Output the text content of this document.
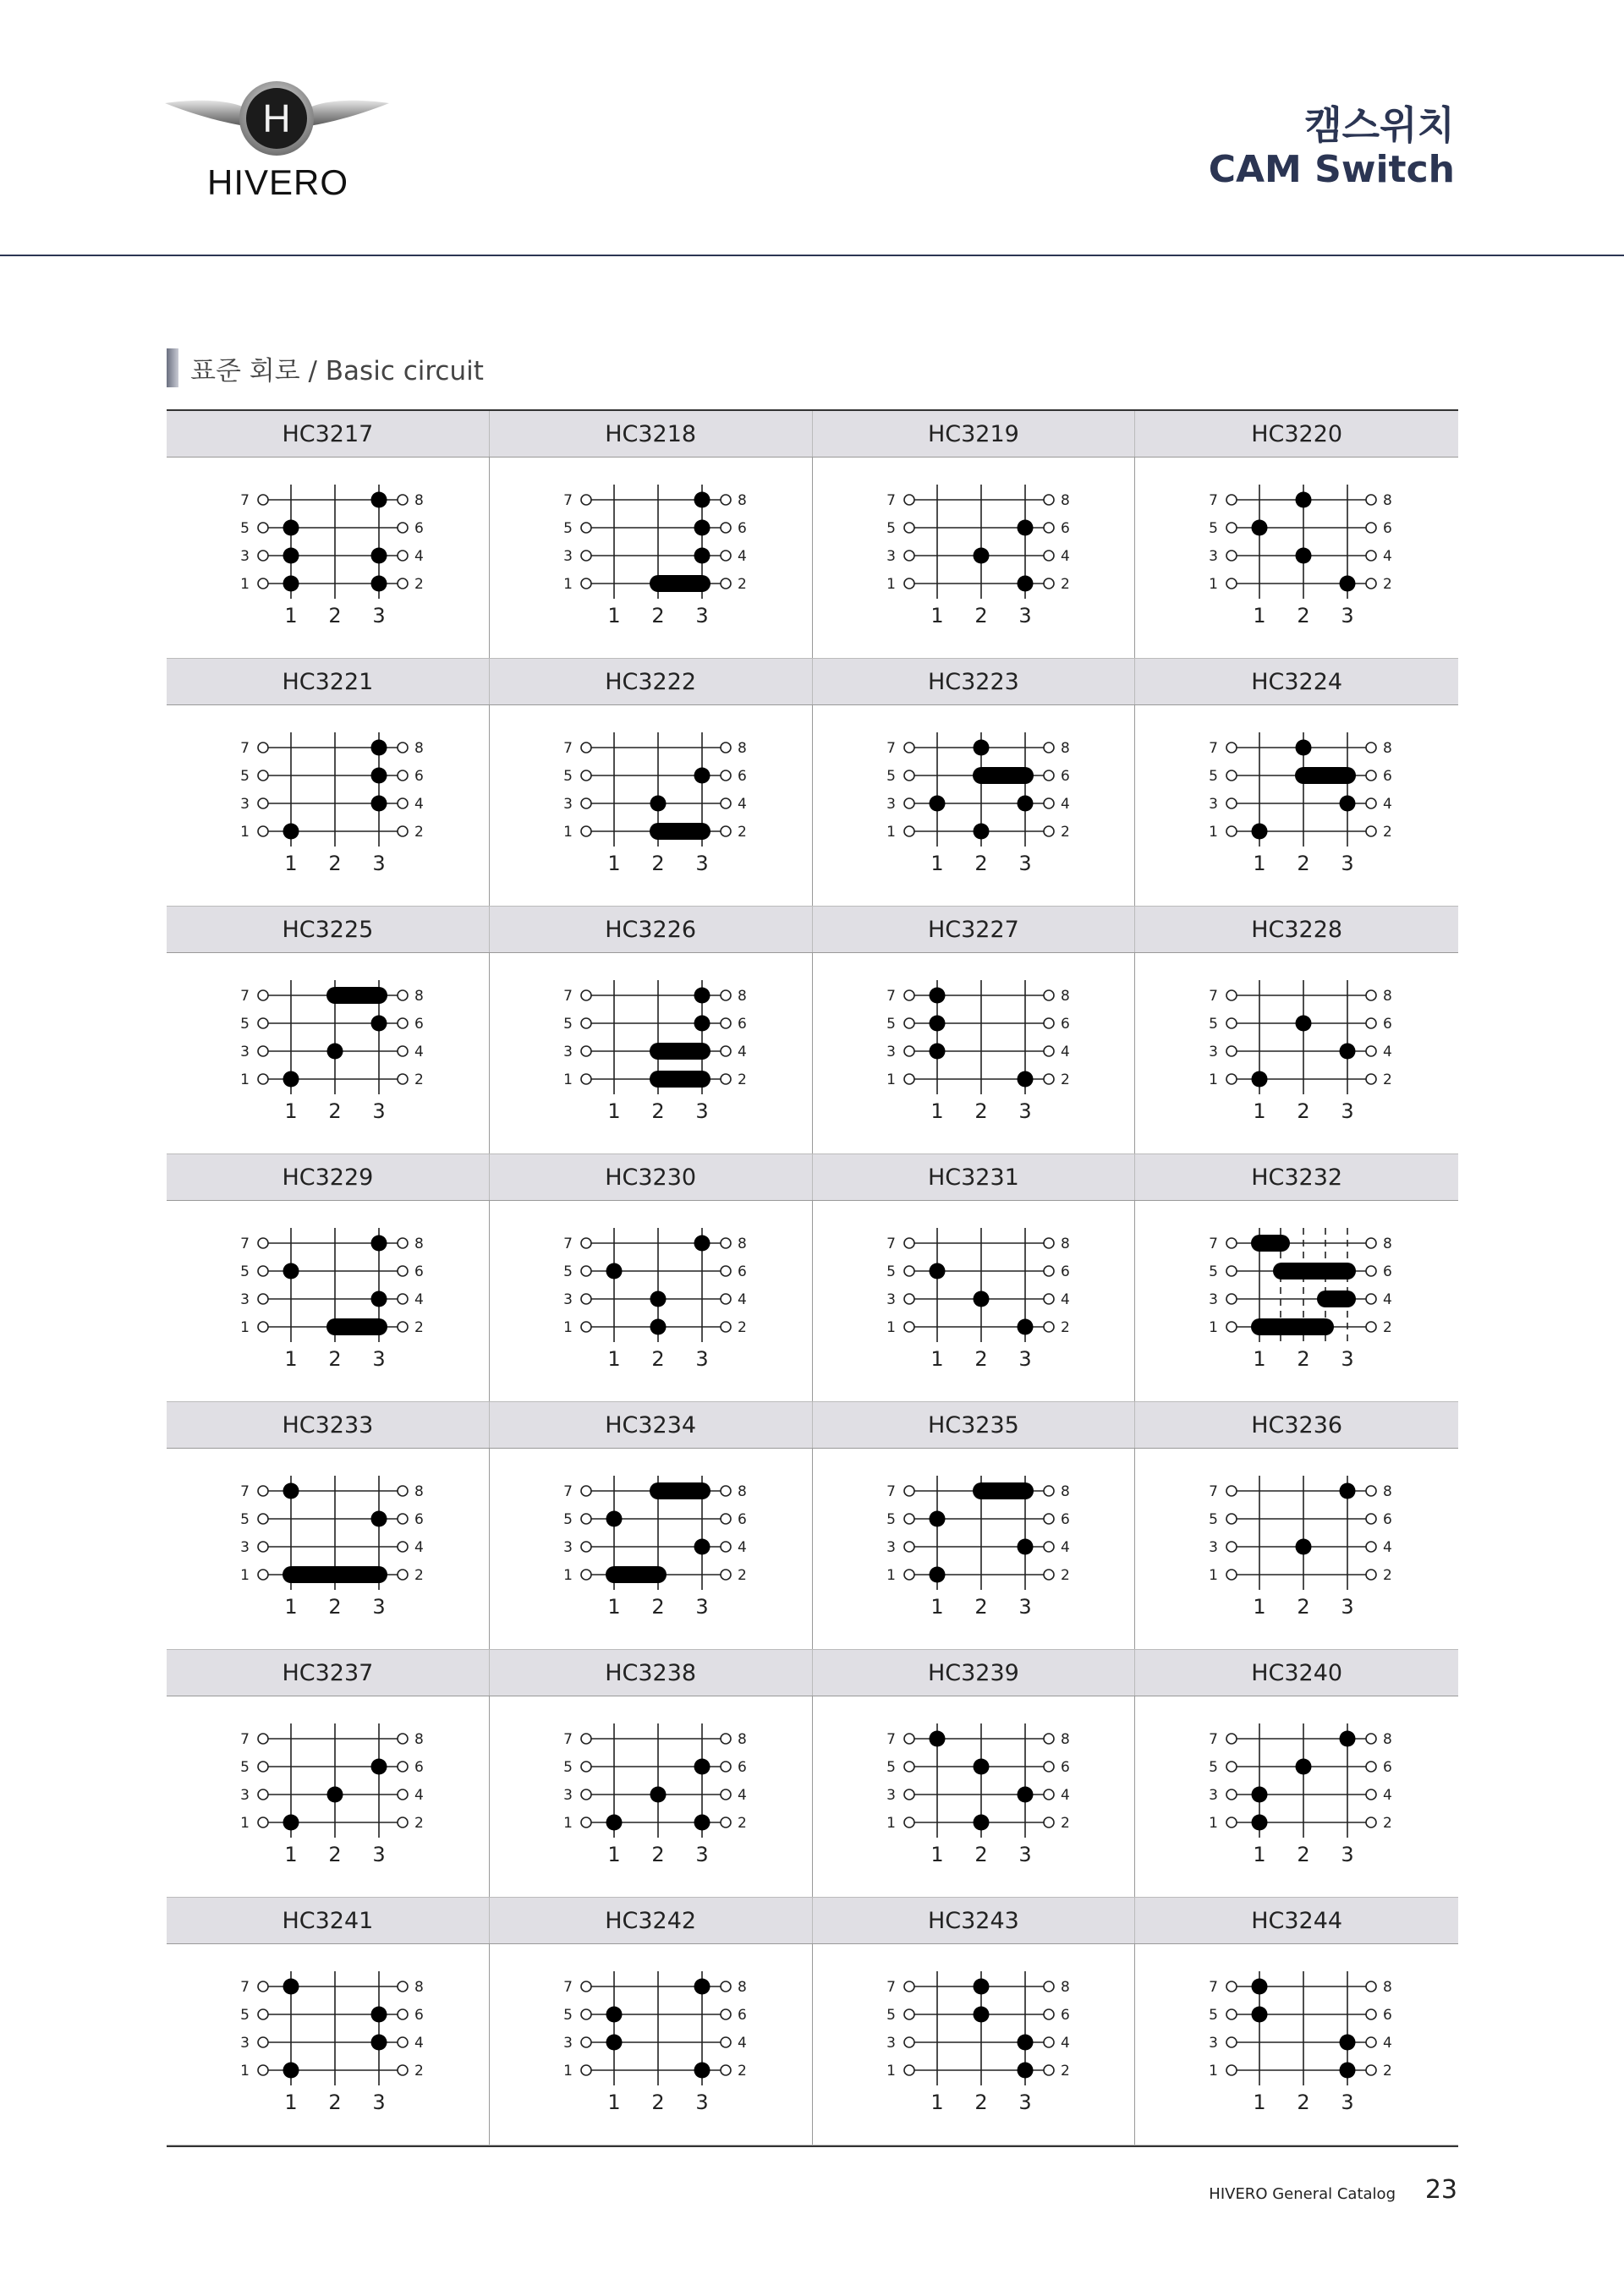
H
HIVERO
캠스위치
CAM Switch
표준 회로 / Basic circuit
HC3217	HC3218	HC3219	HC3220
7	8
5	6
3	4
1	2
1 2 3
7	8
5	6
3	4
1	2
1 2 3
7	8
5	6
3	4
1	2
1 2 3
7	8
5	6
3	4
1	2
1 2 3
HC3221	HC3222	HC3223	HC3224
7	8
5	6
3	4
1	2
1 2 3
7	8
5	6
3	4
1	2
1 2 3
7	8
5	6
3	4
1	2
1 2 3
7	8
5	6
3	4
1	2
1 2 3
HC3225	HC3226	HC3227	HC3228
7	8
5	6
3	4
1	2
1 2 3
7	8
5	6
3	4
1	2
1 2 3
7	8
5	6
3	4
1	2
1 2 3
7	8
5	6
3	4
1	2
1 2 3
HC3229	HC3230	HC3231	HC3232
7	8
5	6
3	4
1	2
1 2 3
7	8
5	6
3	4
1	2
1 2 3
7	8
5	6
3	4
1	2
1 2 3
7	8
5	6
3	4
1	2
1 2 3
HC3233	HC3234	HC3235	HC3236
7	8
5	6
3	4
1	2
1 2 3
7	8
5	6
3	4
1	2
1 2 3
7	8
5	6
3	4
1	2
1 2 3
7	8
5	6
3	4
1	2
1 2 3
HC3237	HC3238	HC3239	HC3240
7	8
5	6
3	4
1	2
1 2 3
7	8
5	6
3	4
1	2
1 2 3
7	8
5	6
3	4
1	2
1 2 3
7	8
5	6
3	4
1	2
1 2 3
HC3241	HC3242	HC3243	HC3244
7	8
5	6
3	4
1	2
1 2 3
7	8
5	6
3	4
1	2
1 2 3
7	8
5	6
3	4
1	2
1 2 3
7	8
5	6
3	4
1	2
1 2 3
HIVERO General Catalog 23
